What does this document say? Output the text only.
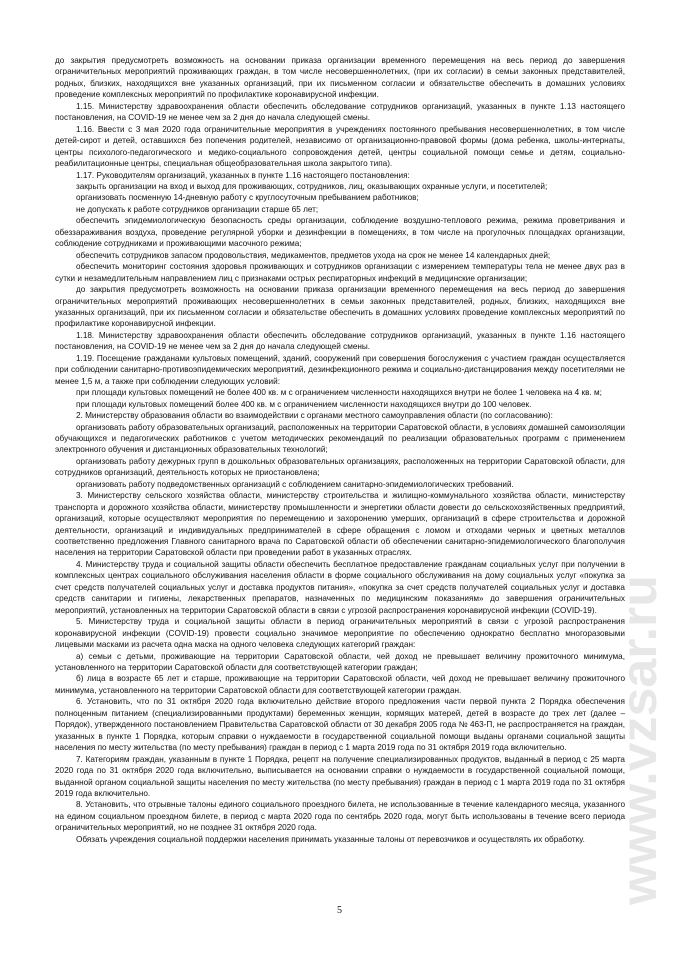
до закрытия предусмотреть возможность на основании приказа организации временного перемещения на весь период до завершения ограничительных мероприятий проживающих граждан, в том числе несовершеннолетних, (при их согласии) в семьи законных представителей, родных, близких, находящихся вне указанных организаций, при их письменном согласии и обязательстве обеспечить в домашних условиях проведение комплексных мероприятий по профилактике коронавирусной инфекции.

1.15. Министерству здравоохранения области обеспечить обследование сотрудников организаций, указанных в пункте 1.13 настоящего постановления, на COVID-19 не менее чем за 2 дня до начала следующей смены.

1.16. Ввести с 3 мая 2020 года ограничительные мероприятия в учреждениях постоянного пребывания несовершеннолетних, в том числе детей-сирот и детей, оставшихся без попечения родителей, независимо от организационно-правовой формы (дома ребенка, школы-интернаты, центры психолого-педагогического и медико-социального сопровождения детей, центры социальной помощи семье и детям, социально-реабилитационные центры, специальная общеобразовательная школа закрытого типа).

1.17. Руководителям организаций, указанных в пункте 1.16 настоящего постановления:

закрыть организации на вход и выход для проживающих, сотрудников, лиц, оказывающих охранные услуги, и посетителей;

организовать посменную 14-дневную работу с круглосуточным пребыванием работников;

не допускать к работе сотрудников организации старше 65 лет;

обеспечить эпидемиологическую безопасность среды организации, соблюдение воздушно-теплового режима, режима проветривания и обеззараживания воздуха, проведение регулярной уборки и дезинфекции в помещениях, в том числе на прогулочных площадках организации, соблюдение сотрудниками и проживающими масочного режима;

обеспечить сотрудников запасом продовольствия, медикаментов, предметов ухода на срок не менее 14 календарных дней;

обеспечить мониторинг состояния здоровья проживающих и сотрудников организации с измерением температуры тела не менее двух раз в сутки и незамедлительным направлением лиц с признаками острых респираторных инфекций в медицинские организации;

до закрытия предусмотреть возможность на основании приказа организации временного перемещения на весь период до завершения ограничительных мероприятий проживающих несовершеннолетних в семьи законных представителей, родных, близких, находящихся вне указанных организаций, при их письменном согласии и обязательстве обеспечить в домашних условиях проведение комплексных мероприятий по профилактике коронавирусной инфекции.

1.18. Министерству здравоохранения области обеспечить обследование сотрудников организаций, указанных в пункте 1.16 настоящего постановления, на COVID-19 не менее чем за 2 дня до начала следующей смены.

1.19. Посещение гражданами культовых помещений, зданий, сооружений при совершения богослужения с участием граждан осуществляется при соблюдении санитарно-противоэпидемических мероприятий, дезинфекционного режима и социально-дистанцирования между посетителями не менее 1,5 м, а также при соблюдении следующих условий:

при площади культовых помещений не более 400 кв. м с ограничением численности находящихся внутри не более 1 человека на 4 кв. м;

при площади культовых помещений более 400 кв. м с ограничением численности находящихся внутри до 100 человек.

2. Министерству образования области во взаимодействии с органами местного самоуправления области (по согласованию):

организовать работу образовательных организаций, расположенных на территории Саратовской области, в условиях домашней самоизоляции обучающихся и педагогических работников с учетом методических рекомендаций по реализации образовательных программ с применением электронного обучения и дистанционных образовательных технологий;

организовать работу дежурных групп в дошкольных образовательных организациях, расположенных на территории Саратовской области, для сотрудников организаций, деятельность которых не приостановлена;

организовать работу подведомственных организаций с соблюдением санитарно-эпидемиологических требований.

3. Министерству сельского хозяйства области, министерству строительства и жилищно-коммунального хозяйства области, министерству транспорта и дорожного хозяйства области, министерству промышленности и энергетики области довести до сельскохозяйственных предприятий, организаций, которые осуществляют мероприятия по перемещению и захоронению умерших, организаций в сфере строительства и дорожной деятельности, организаций и индивидуальных предпринимателей в сфере обращения с ломом и отходами черных и цветных металлов соответственно предложения Главного санитарного врача по Саратовской области об обеспечении санитарно-эпидемиологического благополучия населения на территории Саратовской области при проведении работ в указанных отраслях.

4. Министерству труда и социальной защиты области обеспечить бесплатное предоставление гражданам социальных услуг при получении в комплексных центрах социального обслуживания населения области в форме социального обслуживания на дому социальных услуг «покупка за счет средств получателей социальных услуг и доставка продуктов питания», «покупка за счет средств получателей социальных услуг и доставка средств санитарии и гигиены, лекарственных препаратов, назначенных по медицинским показаниям» до завершения ограничительных мероприятий, установленных на территории Саратовской области в связи с угрозой распространения коронавирусной инфекции (COVID-19).

5. Министерству труда и социальной защиты области в период ограничительных мероприятий в связи с угрозой распространения коронавирусной инфекции (COVID-19) провести социально значимое мероприятие по обеспечению однократно бесплатно многоразовыми лицевыми масками из расчета одна маска на одного человека следующих категорий граждан:

а) семьи с детьми, проживающие на территории Саратовской области, чей доход не превышает величину прожиточного минимума, установленного на территории Саратовской области для соответствующей категории граждан;

б) лица в возрасте 65 лет и старше, проживающие на территории Саратовской области, чей доход не превышает величину прожиточного минимума, установленного на территории Саратовской области для соответствующей категории граждан.

6. Установить, что по 31 октября 2020 года включительно действие второго предложения части первой пункта 2 Порядка обеспечения полноценным питанием (специализированными продуктами) беременных женщин, кормящих матерей, детей в возрасте до трех лет (далее – Порядок), утвержденного постановлением Правительства Саратовской области от 30 декабря 2005 года № 463-П, не распространяется на граждан, указанных в пункте 1 Порядка, которым справки о нуждаемости в государственной социальной помощи выданы органами социальной защиты населения по месту жительства (по месту пребывания) граждан в период с 1 марта 2019 года по 31 октября 2019 года включительно.

7. Категориям граждан, указанным в пункте 1 Порядка, рецепт на получение специализированных продуктов, выданный в период с 25 марта 2020 года по 31 октября 2020 года включительно, выписывается на основании справки о нуждаемости в государственной социальной помощи, выданной органом социальной защиты населения по месту жительства (по месту пребывания) граждан в период с 1 марта 2019 года по 31 октября 2019 года включительно.

8. Установить, что отрывные талоны единого социального проездного билета, не использованные в течение календарного месяца, указанного на едином социальном проездном билете, в период с марта 2020 года по сентябрь 2020 года, могут быть использованы в течение всего периода ограничительных мероприятий, но не позднее 31 октября 2020 года.

Обязать учреждения социальной поддержки населения принимать указанные талоны от перевозчиков и осуществлять их обработку.

5
www.vzsar.ru
